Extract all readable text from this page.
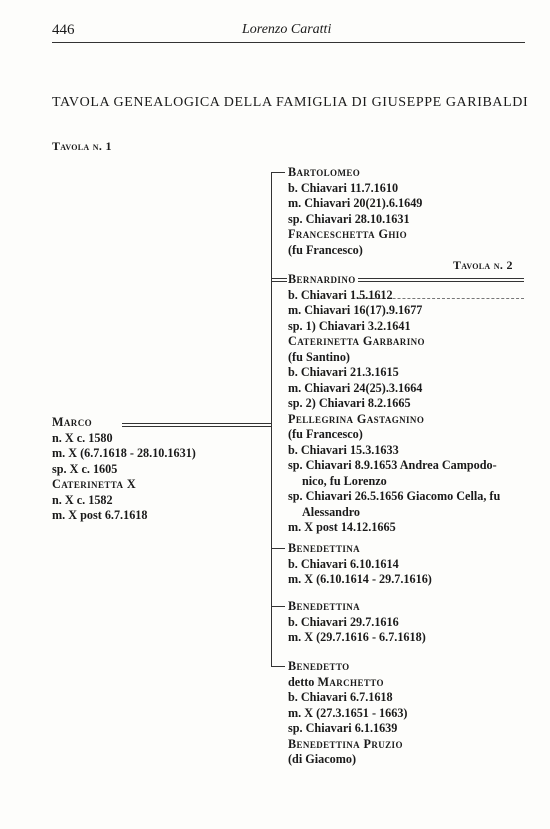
446	Lorenzo Caratti
TAVOLA GENEALOGICA DELLA FAMIGLIA DI GIUSEPPE GARIBALDI
Tavola n. 1
Tavola n. 2
Marco
n. X c. 1580
m. X (6.7.1618 - 28.10.1631)
sp. X c. 1605
Caterinetta X
n. X c. 1582
m. X post 6.7.1618
Bartolomeo
b. Chiavari 11.7.1610
m. Chiavari 20(21).6.1649
sp. Chiavari 28.10.1631
Franceschetta Ghio
(fu Francesco)
Bernardino
b. Chiavari 1.5.1612
m. Chiavari 16(17).9.1677
sp. 1) Chiavari 3.2.1641
Caterinetta Garbarino
(fu Santino)
b. Chiavari 21.3.1615
m. Chiavari 24(25).3.1664
sp. 2) Chiavari 8.2.1665
Pellegrina Gastagnino
(fu Francesco)
b. Chiavari 15.3.1633
sp. Chiavari 8.9.1653 Andrea Campodo-
nico, fu Lorenzo
sp. Chiavari 26.5.1656 Giacomo Cella, fu
Alessandro
m. X post 14.12.1665
Benedettina
b. Chiavari 6.10.1614
m. X (6.10.1614 - 29.7.1616)
Benedettina
b. Chiavari 29.7.1616
m. X (29.7.1616 - 6.7.1618)
Benedetto
detto Marchetto
b. Chiavari 6.7.1618
m. X (27.3.1651 - 1663)
sp. Chiavari 6.1.1639
Benedettina Pruzio
(di Giacomo)
